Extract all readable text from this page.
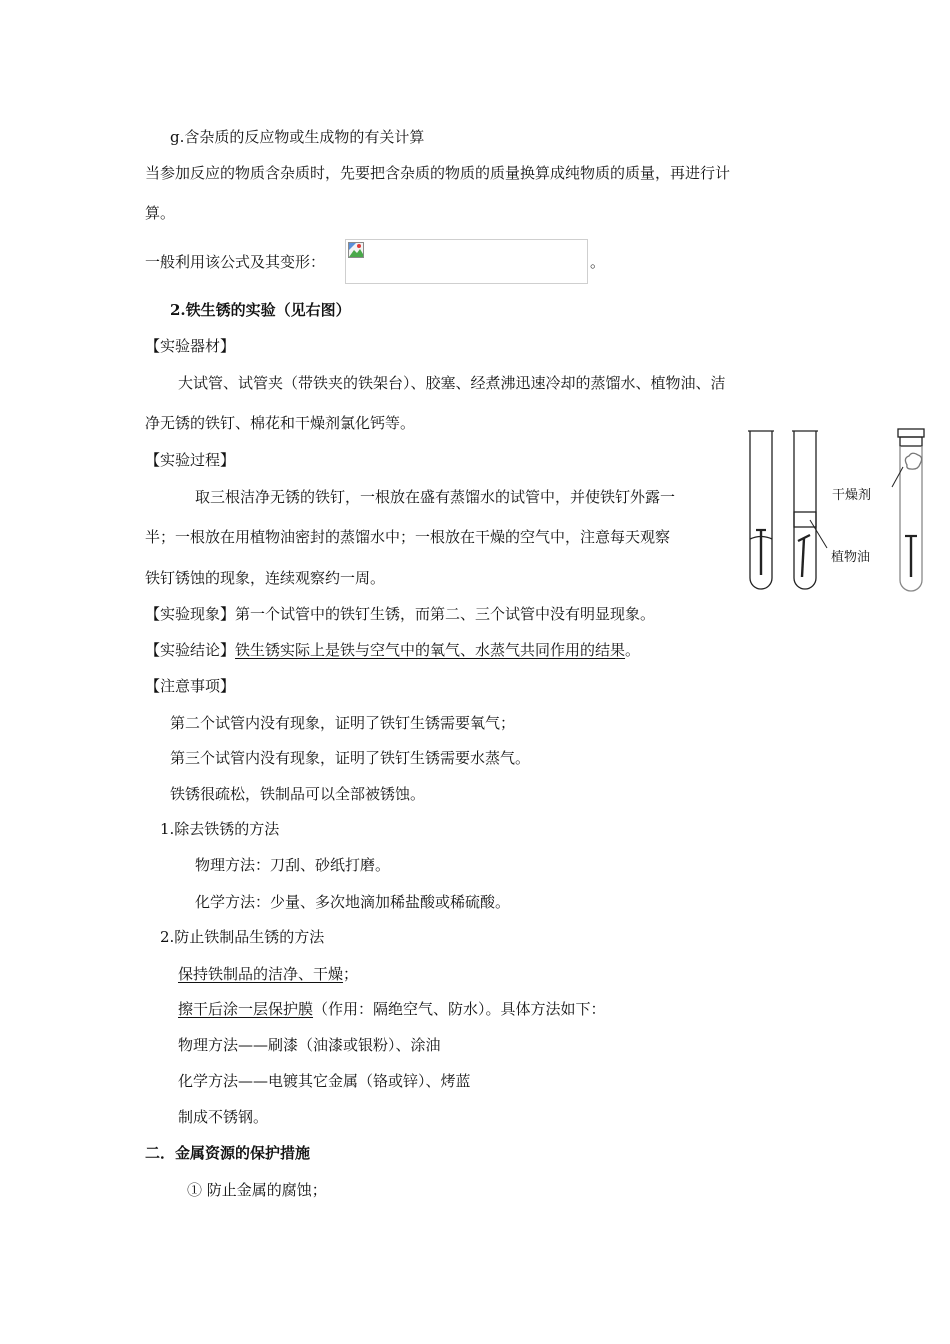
g.含杂质的反应物或生成物的有关计算
当参加反应的物质含杂质时，先要把含杂质的物质的质量换算成纯物质的质量，再进行计
算。
一般利用该公式及其变形：	。
2.铁生锈的实验（见右图）
【实验器材】
大试管、试管夹（带铁夹的铁架台）、胶塞、经煮沸迅速冷却的蒸馏水、植物油、洁
净无锈的铁钉、棉花和干燥剂氯化钙等。
【实验过程】
取三根洁净无锈的铁钉，一根放在盛有蒸馏水的试管中，并使铁钉外露一
半；一根放在用植物油密封的蒸馏水中；一根放在干燥的空气中，注意每天观察
铁钉锈蚀的现象，连续观察约一周。
【实验现象】第一个试管中的铁钉生锈，而第二、三个试管中没有明显现象。
【实验结论】铁生锈实际上是铁与空气中的氧气、水蒸气共同作用的结果。
【注意事项】
第二个试管内没有现象，证明了铁钉生锈需要氧气；
第三个试管内没有现象，证明了铁钉生锈需要水蒸气。
铁锈很疏松，铁制品可以全部被锈蚀。
1.除去铁锈的方法
物理方法：刀刮、砂纸打磨。
化学方法：少量、多次地滴加稀盐酸或稀硫酸。
2.防止铁制品生锈的方法
保持铁制品的洁净、干燥；
擦干后涂一层保护膜（作用：隔绝空气、防水）。具体方法如下：
物理方法——刷漆（油漆或银粉）、涂油
化学方法——电镀其它金属（铬或锌）、烤蓝
制成不锈钢。
二．金属资源的保护措施
① 防止金属的腐蚀；
干燥剂
植物油
